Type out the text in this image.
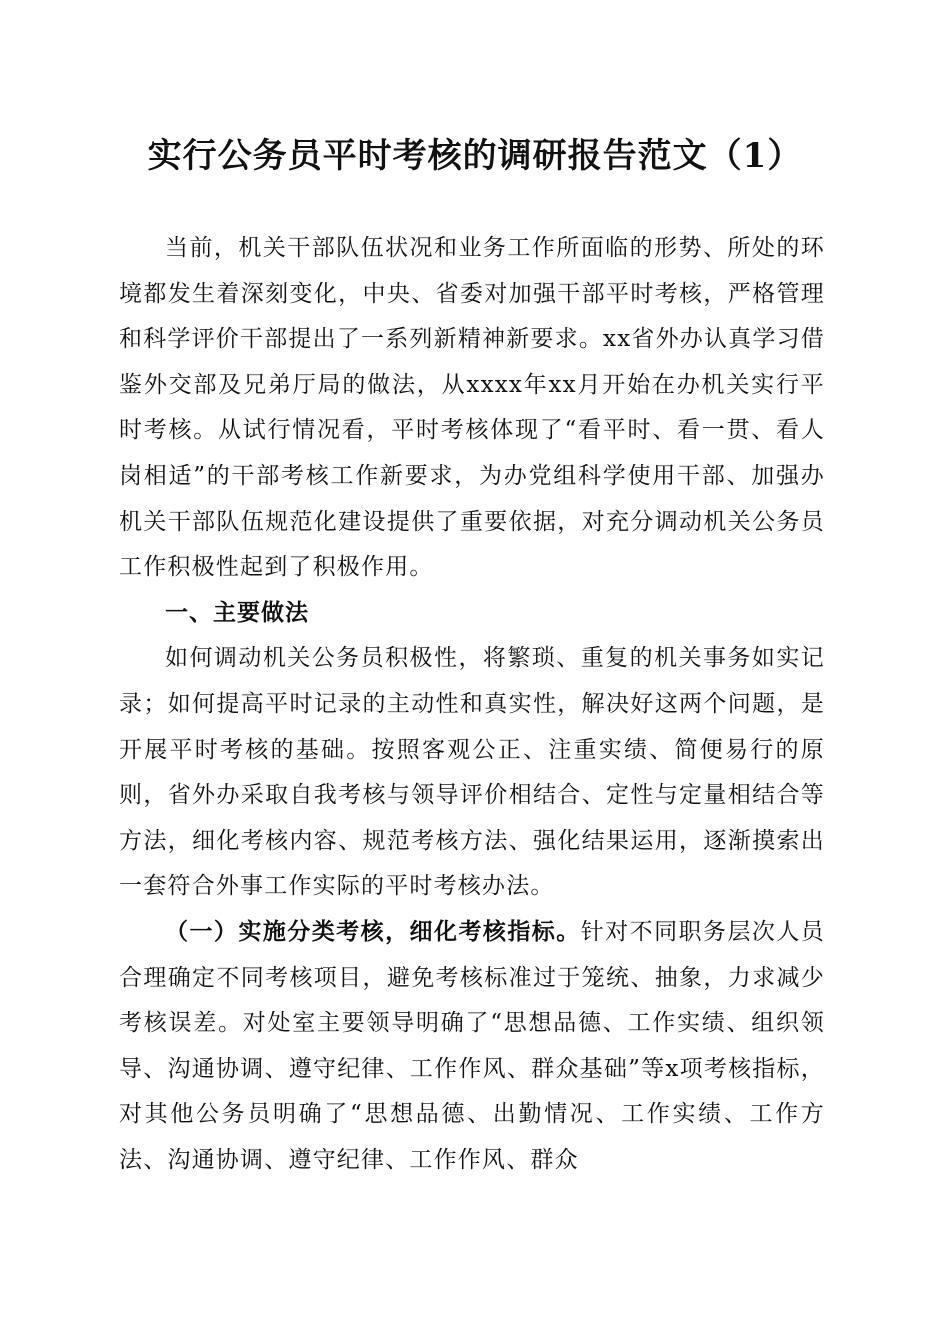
实行公务员平时考核的调研报告范文（1）

当前，机关干部队伍状况和业务工作所面临的形势、所处的环境都发生着深刻变化，中央、省委对加强干部平时考核，严格管理和科学评价干部提出了一系列新精神新要求。xx省外办认真学习借鉴外交部及兄弟厅局的做法，从xxxx年xx月开始在办机关实行平时考核。从试行情况看，平时考核体现了“看平时、看一贯、看人岗相适”的干部考核工作新要求，为办党组科学使用干部、加强办机关干部队伍规范化建设提供了重要依据，对充分调动机关公务员工作积极性起到了积极作用。

一、主要做法

如何调动机关公务员积极性，将繁琐、重复的机关事务如实记录；如何提高平时记录的主动性和真实性，解决好这两个问题，是开展平时考核的基础。按照客观公正、注重实绩、简便易行的原则，省外办采取自我考核与领导评价相结合、定性与定量相结合等方法，细化考核内容、规范考核方法、强化结果运用，逐渐摸索出一套符合外事工作实际的平时考核办法。

（一）实施分类考核，细化考核指标。针对不同职务层次人员合理确定不同考核项目，避免考核标准过于笼统、抽象，力求减少考核误差。对处室主要领导明确了“思想品德、工作实绩、组织领导、沟通协调、遵守纪律、工作作风、群众基础”等x项考核指标，对其他公务员明确了“思想品德、出勤情况、工作实绩、工作方法、沟通协调、遵守纪律、工作作风、群众
